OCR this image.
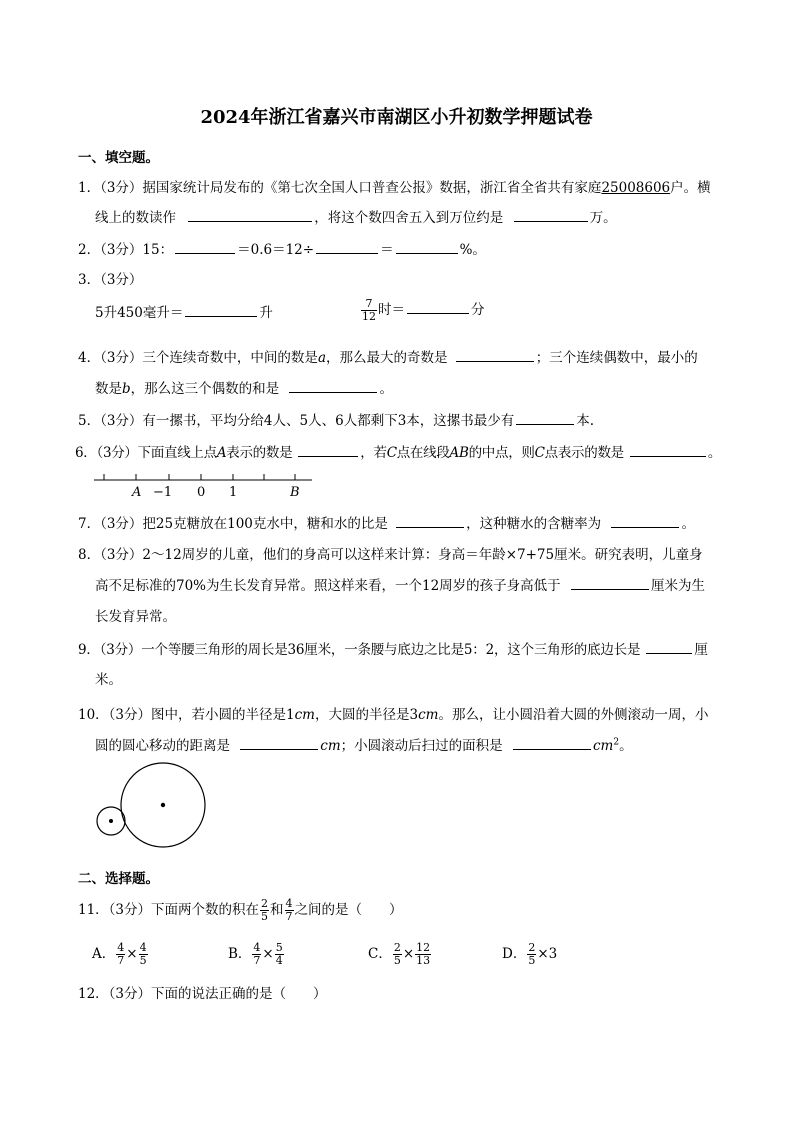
2024年浙江省嘉兴市南湖区小升初数学押题试卷
一、填空题。
1．（3分）据国家统计局发布的《第七次全国人口普查公报》数据，浙江省全省共有家庭25008606户。横
线上的数读作	，将这个数四舍五入到万位约是	万。
2．（3分）15：	＝0.6＝12÷	＝	%。
3．（3分）
5升450毫升＝	升	$\frac{7}{12}$ 时＝	分
4．（3分）三个连续奇数中，中间的数是a，那么最大的奇数是	；三个连续偶数中，最小的
数是b，那么这三个偶数的和是	。
5．（3分）有一摞书，平均分给4人、5人、6人都剩下3本，这摞书最少有	本.
6．（3分）下面直线上点A表示的数是	，若C点在线段AB的中点，则C点表示的数是	。
A −1 0 1	B
7．（3分）把25克糖放在100克水中，糖和水的比是	，这种糖水的含糖率为	。
8．（3分）2～12周岁的儿童，他们的身高可以这样来计算：身高＝年龄×7+75厘米。研究表明，儿童身
高不足标准的70%为生长发育异常。照这样来看，一个12周岁的孩子身高低于	厘米为生
长发育异常。
9．（3分）一个等腰三角形的周长是36厘米，一条腰与底边之比是5：2，这个三角形的底边长是	厘
米。
10．（3分）图中，若小圆的半径是1cm，大圆的半径是3cm。那么，让小圆沿着大圆的外侧滚动一周，小
圆的圆心移动的距离是	cm；小圆滚动后扫过的面积是	$cm^2$。
二、选择题。
11．（3分）下面两个数的积在 $\frac{2}{5}$ 和 $\frac{4}{7}$ 之间的是（　　）
A． $\frac{4}{7} \times \frac{4}{5}$	B． $\frac{4}{7} \times \frac{5}{4}$	C． $\frac{2}{5} \times \frac{12}{13}$	D． $\frac{2}{5} \times 3$
12．（3分）下面的说法正确的是（　　）
